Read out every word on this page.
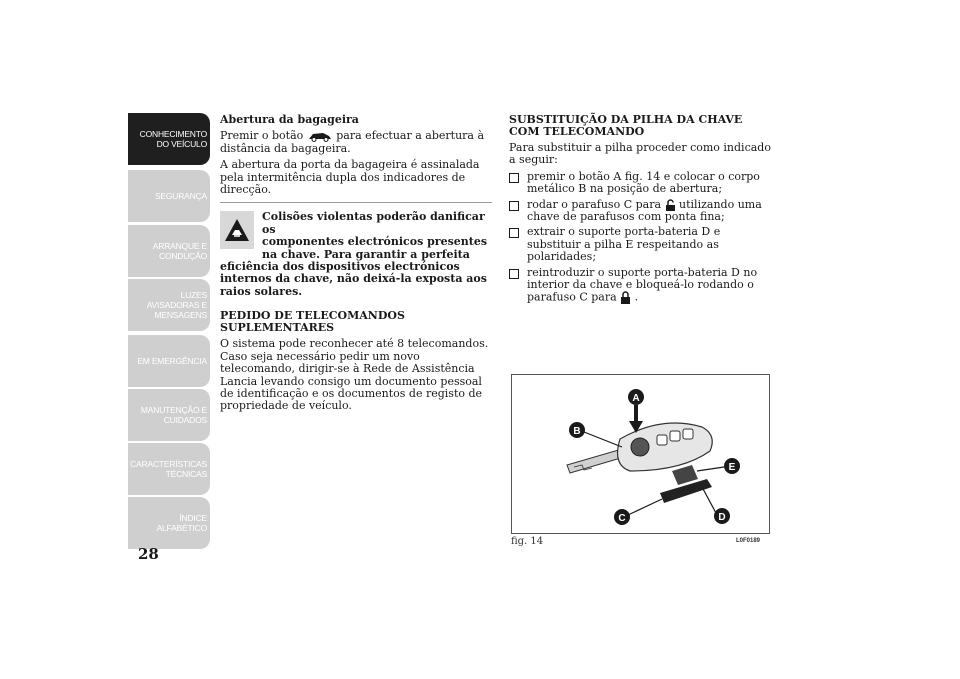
CONHECIMENTO
DO VEÍCULO
SEGURANÇA
ARRANQUE E
CONDUÇÃO
LUZES
AVISADORAS E
MENSAGENS
EM EMERGÊNCIA
MANUTENÇÃO E
CUIDADOS
CARACTERÍSTICAS
TÉCNICAS
ÍNDICE
ALFABÉTICO
28

Abertura da bagageira

Premir o botão	para efectuar a abertura à distância da bagageira.

A abertura da porta da bagageira é assinalada pela intermitência dupla dos indicadores de direcção.

Colisões violentas poderão danificar os
componentes electrónicos presentes
na chave. Para garantir a perfeita
eficiência dos dispositivos electrónicos internos da chave, não deixá-la exposta aos raios solares.
PEDIDO DE TELECOMANDOS SUPLEMENTARES

O sistema pode reconhecer até 8 telecomandos. Caso seja necessário pedir um novo telecomando, dirigir-se à Rede de Assistência Lancia levando consigo um documento pessoal de identificação e os documentos de registo de propriedade de veículo.

SUBSTITUIÇÃO DA PILHA DA CHAVE COM TELECOMANDO

Para substituir a pilha proceder como indicado a seguir:

premir o botão A fig. 14 e colocar o corpo metálico B na posição de abertura;
rodar o parafuso C para utilizando uma chave de parafusos com ponta fina;
extrair o suporte porta-bateria D e substituir a pilha E respeitando as polaridades;
reintroduzir o suporte porta-bateria D no interior da chave e bloqueá-lo rodando o parafuso C para .
A
B
C	D
E
fig. 14	L0F0189
